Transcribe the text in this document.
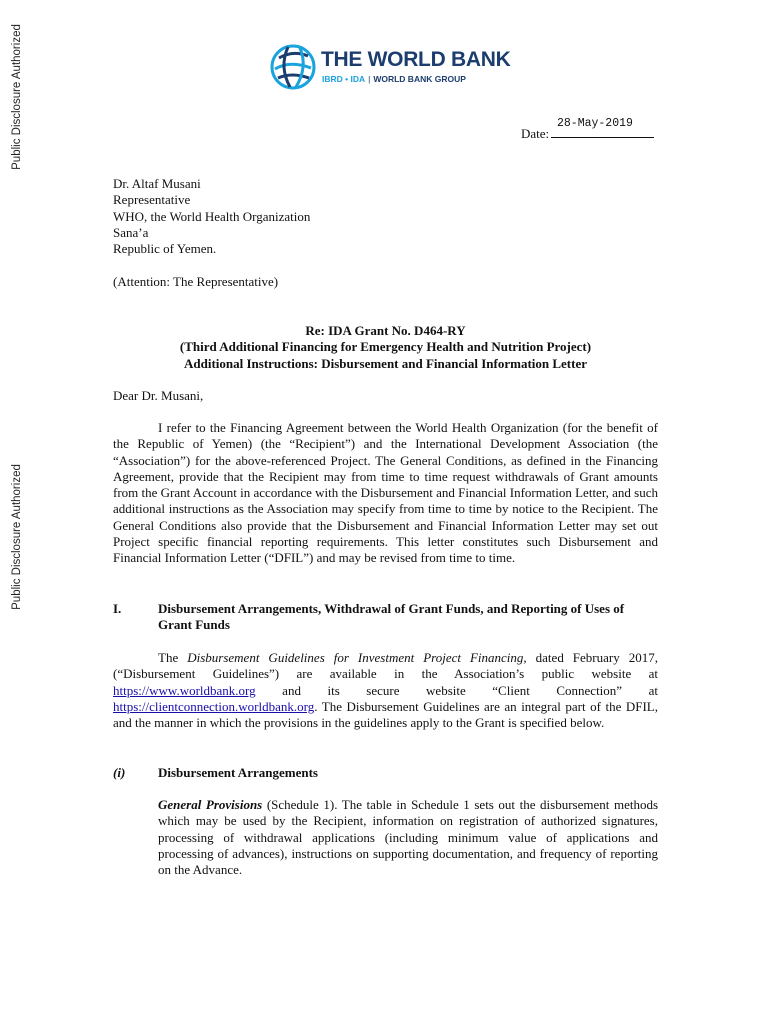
Public Disclosure Authorized
Public Disclosure Authorized
THE WORLD BANK
IBRD • IDA | WORLD BANK GROUP
28-May-2019
Date:
Dr. Altaf Musani
Representative
WHO, the World Health Organization
Sana’a
Republic of Yemen.
(Attention: The Representative)
Re: IDA Grant No. D464-RY
(Third Additional Financing for Emergency Health and Nutrition Project)
Additional Instructions: Disbursement and Financial Information Letter
Dear Dr. Musani,
I refer to the Financing Agreement between the World Health Organization (for the benefit of the Republic of Yemen) (the “Recipient”) and the International Development Association (the “Association”) for the above-referenced Project. The General Conditions, as defined in the Financing Agreement, provide that the Recipient may from time to time request withdrawals of Grant amounts from the Grant Account in accordance with the Disbursement and Financial Information Letter, and such additional instructions as the Association may specify from time to time by notice to the Recipient. The General Conditions also provide that the Disbursement and Financial Information Letter may set out Project specific financial reporting requirements. This letter constitutes such Disbursement and Financial Information Letter (“DFIL”) and may be revised from time to time.
I.	Disbursement Arrangements, Withdrawal of Grant Funds, and Reporting of Uses of Grant Funds
The Disbursement Guidelines for Investment Project Financing, dated February 2017, (“Disbursement Guidelines”) are available in the Association’s public website at https://www.worldbank.org and its secure website “Client Connection” at https://clientconnection.worldbank.org. The Disbursement Guidelines are an integral part of the DFIL, and the manner in which the provisions in the guidelines apply to the Grant is specified below.
(i)	Disbursement Arrangements
General Provisions (Schedule 1). The table in Schedule 1 sets out the disbursement methods which may be used by the Recipient, information on registration of authorized signatures, processing of withdrawal applications (including minimum value of applications and processing of advances), instructions on supporting documentation, and frequency of reporting on the Advance.
